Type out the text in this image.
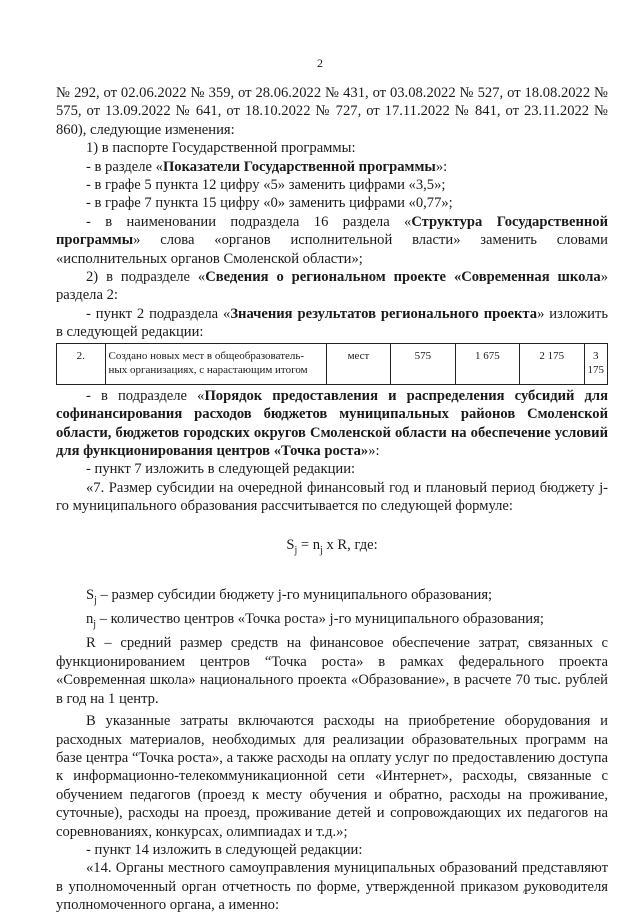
2

№ 292, от 02.06.2022 № 359, от 28.06.2022 № 431, от 03.08.2022 № 527, от 18.08.2022 № 575, от 13.09.2022 № 641, от 18.10.2022 № 727, от 17.11.2022 № 841, от 23.11.2022 № 860), следующие изменения:

1) в паспорте Государственной программы:

- в разделе «Показатели Государственной программы»:

- в графе 5 пункта 12 цифру «5» заменить цифрами «3,5»;

- в графе 7 пункта 15 цифру «0» заменить цифрами «0,77»;

- в наименовании подраздела 16 раздела «Структура Государственной программы» слова «органов исполнительной власти» заменить словами «исполнительных органов Смоленской области»;

2) в подразделе «Сведения о региональном проекте «Современная школа» раздела 2:

- пункт 2 подраздела «Значения результатов регионального проекта» изложить в следующей редакции:

2.	Создано новых мест в общеобразователь-ных организациях, с нарастающим итогом	мест	575	1 675	2 175	3 175

- в подразделе «Порядок предоставления и распределения субсидий для софинансирования расходов бюджетов муниципальных районов Смоленской области, бюджетов городских округов Смоленской области на обеспечение условий для функционирования центров «Точка роста»»:

- пункт 7 изложить в следующей редакции:

«7. Размер субсидии на очередной финансовый год и плановый период бюджету j-го муниципального образования рассчитывается по следующей формуле:

$S_j = n_j$ x R, где:

$S_j$ – размер субсидии бюджету j-го муниципального образования;

$n_j$ – количество центров «Точка роста» j-го муниципального образования;

R – средний размер средств на финансовое обеспечение затрат, связанных с функционированием центров “Точка роста» в рамках федерального проекта «Современная школа» национального проекта «Образование», в расчете 70 тыс. рублей в год на 1 центр.

В указанные затраты включаются расходы на приобретение оборудования и расходных материалов, необходимых для реализации образовательных программ на базе центра “Точка роста», а также расходы на оплату услуг по предоставлению доступа к информационно-телекоммуникационной сети «Интернет», расходы, связанные с обучением педагогов (проезд к месту обучения и обратно, расходы на проживание, суточные), расходы на проезд, проживание детей и сопровождающих их педагогов на соревнованиях, конкурсах, олимпиадах и т.д.»;

- пункт 14 изложить в следующей редакции:

«14. Органы местного самоуправления муниципальных образований представляют в уполномоченный орган отчетность по форме, утвержденной приказом руководителя уполномоченного органа, а именно:
